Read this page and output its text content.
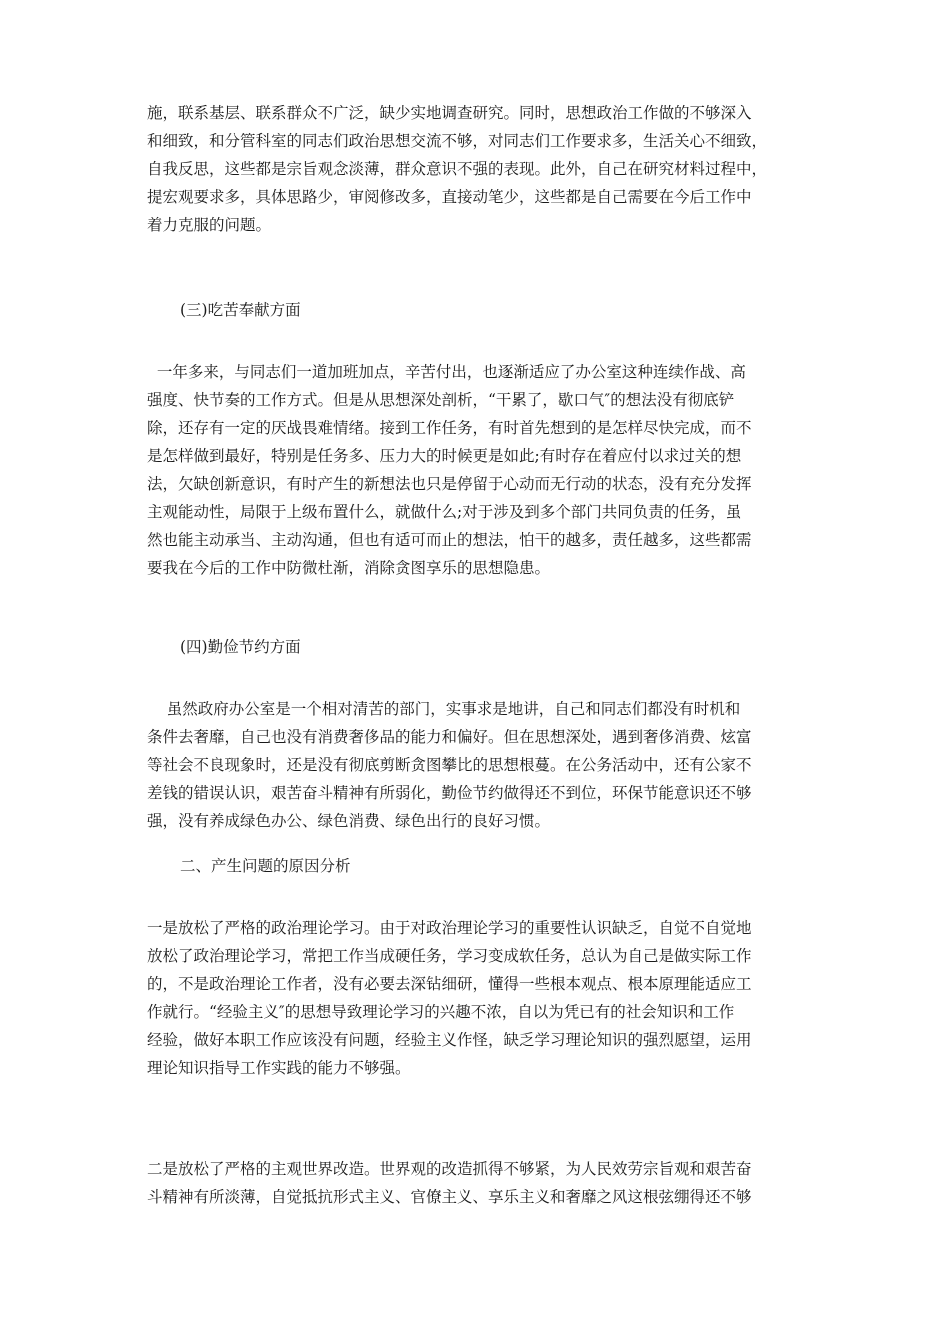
施，联系基层、联系群众不广泛，缺少实地调查研究。同时，思想政治工作做的不够深入
和细致，和分管科室的同志们政治思想交流不够，对同志们工作要求多，生活关心不细致，
自我反思，这些都是宗旨观念淡薄，群众意识不强的表现。此外，自己在研究材料过程中，
提宏观要求多，具体思路少，审阅修改多，直接动笔少，这些都是自己需要在今后工作中
着力克服的问题。

(三)吃苦奉献方面

一年多来，与同志们一道加班加点，辛苦付出，也逐渐适应了办公室这种连续作战、高
强度、快节奏的工作方式。但是从思想深处剖析，“干累了，歇口气″的想法没有彻底铲
除，还存有一定的厌战畏难情绪。接到工作任务，有时首先想到的是怎样尽快完成，而不
是怎样做到最好，特别是任务多、压力大的时候更是如此;有时存在着应付以求过关的想
法，欠缺创新意识，有时产生的新想法也只是停留于心动而无行动的状态，没有充分发挥
主观能动性，局限于上级布置什么，就做什么;对于涉及到多个部门共同负责的任务，虽
然也能主动承当、主动沟通，但也有适可而止的想法，怕干的越多，责任越多，这些都需
要我在今后的工作中防微杜渐，消除贪图享乐的思想隐患。

(四)勤俭节约方面

虽然政府办公室是一个相对清苦的部门，实事求是地讲，自己和同志们都没有时机和
条件去奢靡，自己也没有消费奢侈品的能力和偏好。但在思想深处，遇到奢侈消费、炫富
等社会不良现象时，还是没有彻底剪断贪图攀比的思想根蔓。在公务活动中，还有公家不
差钱的错误认识，艰苦奋斗精神有所弱化，勤俭节约做得还不到位，环保节能意识还不够
强，没有养成绿色办公、绿色消费、绿色出行的良好习惯。

二、产生问题的原因分析

一是放松了严格的政治理论学习。由于对政治理论学习的重要性认识缺乏，自觉不自觉地
放松了政治理论学习，常把工作当成硬任务，学习变成软任务，总认为自己是做实际工作
的，不是政治理论工作者，没有必要去深钻细研，懂得一些根本观点、根本原理能适应工
作就行。“经验主义″的思想导致理论学习的兴趣不浓，自以为凭已有的社会知识和工作
经验，做好本职工作应该没有问题，经验主义作怪，缺乏学习理论知识的强烈愿望，运用
理论知识指导工作实践的能力不够强。
二是放松了严格的主观世界改造。世界观的改造抓得不够紧，为人民效劳宗旨观和艰苦奋
斗精神有所淡薄，自觉抵抗形式主义、官僚主义、享乐主义和奢靡之风这根弦绷得还不够
